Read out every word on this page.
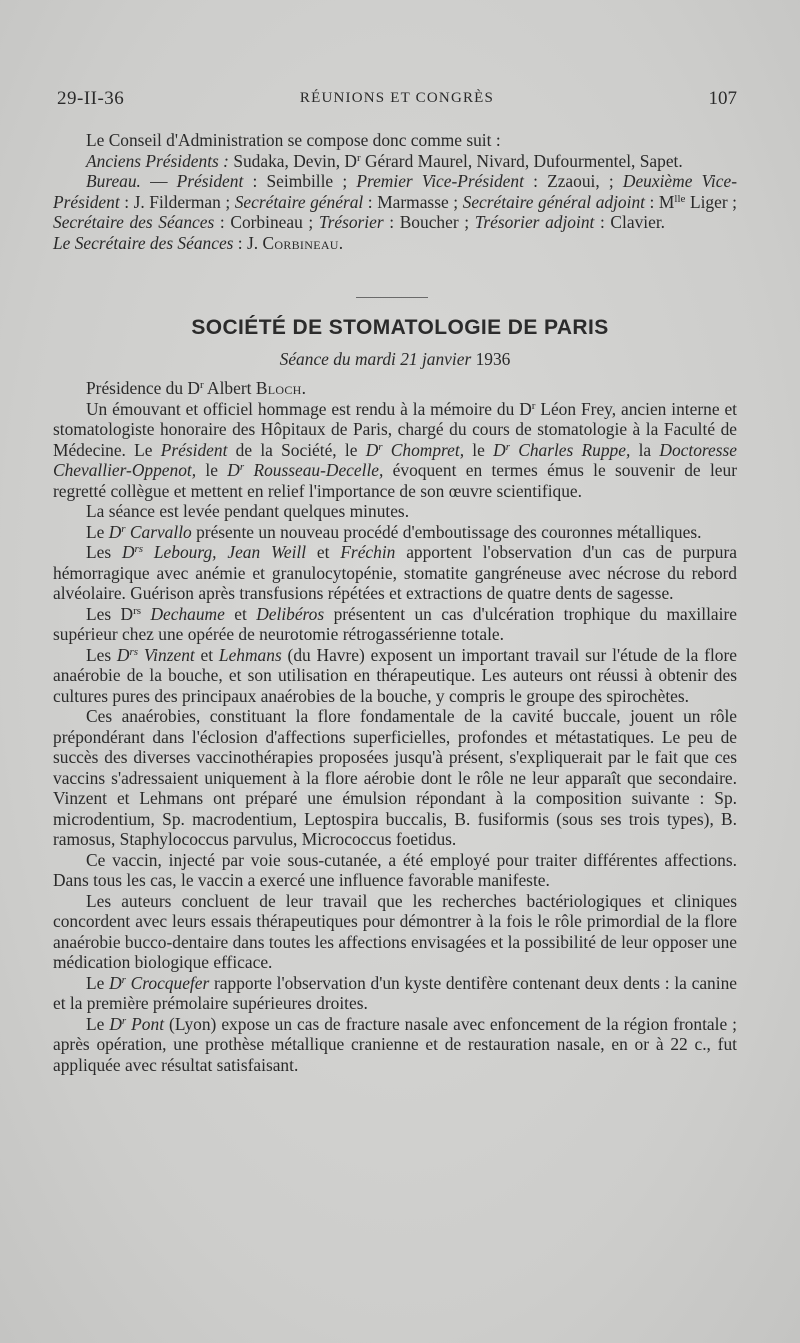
29-II-36	RÉUNIONS ET CONGRÈS	107

Le Conseil d'Administration se compose donc comme suit :

Anciens Présidents : Sudaka, Devin, $D^r$ Gérard Maurel, Nivard, Dufourmentel, Sapet.

Bureau. — Président : Seimbille ; Premier Vice-Président : Zzaoui, ; Deuxième Vice-Président : J. Filderman ; Secrétaire général : Marmasse ; Secrétaire général adjoint : $M^{lle}$ Liger ; Secrétaire des Séances : Corbineau ; Trésorier : Boucher ; Trésorier adjoint : Clavier.Le Secrétaire des Séances : J. Corbineau.

SOCIÉTÉ DE STOMATOLOGIE DE PARIS
Séance du mardi 21 janvier 1936

Présidence du $D^r$ Albert Bloch.

Un émouvant et officiel hommage est rendu à la mémoire du $D^r$ Léon Frey, ancien interne et stomatologiste honoraire des Hôpitaux de Paris, chargé du cours de stomatologie à la Faculté de Médecine. Le Président de la Société, le $D^r$ Chompret, le $D^r$ Charles Ruppe, la Doctoresse Chevallier-Oppenot, le $D^r$ Rousseau-Decelle, évoquent en termes émus le souvenir de leur regretté collègue et mettent en relief l'importance de son œuvre scientifique.

La séance est levée pendant quelques minutes.

Le $D^r$ Carvallo présente un nouveau procédé d'emboutissage des couronnes métalliques.

Les $D^{rs}$ Lebourg, Jean Weill et Fréchin apportent l'observation d'un cas de purpura hémorragique avec anémie et granulocytopénie, stomatite gangréneuse avec nécrose du rebord alvéolaire. Guérison après transfusions répétées et extractions de quatre dents de sagesse.

Les $D^{rs}$ Dechaume et Delibéros présentent un cas d'ulcération trophique du maxillaire supérieur chez une opérée de neurotomie rétrogassérienne totale.

Les $D^{rs}$ Vinzent et Lehmans (du Havre) exposent un important travail sur l'étude de la flore anaérobie de la bouche, et son utilisation en thérapeutique. Les auteurs ont réussi à obtenir des cultures pures des principaux anaérobies de la bouche, y compris le groupe des spirochètes.

Ces anaérobies, constituant la flore fondamentale de la cavité buccale, jouent un rôle prépondérant dans l'éclosion d'affections superficielles, profondes et métastatiques. Le peu de succès des diverses vaccinothérapies proposées jusqu'à présent, s'expliquerait par le fait que ces vaccins s'adressaient uniquement à la flore aérobie dont le rôle ne leur apparaît que secondaire. Vinzent et Lehmans ont préparé une émulsion répondant à la composition suivante : Sp. microdentium, Sp. macrodentium, Leptospira buccalis, B. fusiformis (sous ses trois types), B. ramosus, Staphylococcus parvulus, Micrococcus foetidus.

Ce vaccin, injecté par voie sous-cutanée, a été employé pour traiter différentes affections. Dans tous les cas, le vaccin a exercé une influence favorable manifeste.

Les auteurs concluent de leur travail que les recherches bactériologiques et cliniques concordent avec leurs essais thérapeutiques pour démontrer à la fois le rôle primordial de la flore anaérobie bucco-dentaire dans toutes les affections envisagées et la possibilité de leur opposer une médication biologique efficace.

Le $D^r$ Crocquefer rapporte l'observation d'un kyste dentifère contenant deux dents : la canine et la première prémolaire supérieures droites.

Le $D^r$ Pont (Lyon) expose un cas de fracture nasale avec enfoncement de la région frontale ; après opération, une prothèse métallique cranienne et de restauration nasale, en or à 22 c., fut appliquée avec résultat satisfaisant.
